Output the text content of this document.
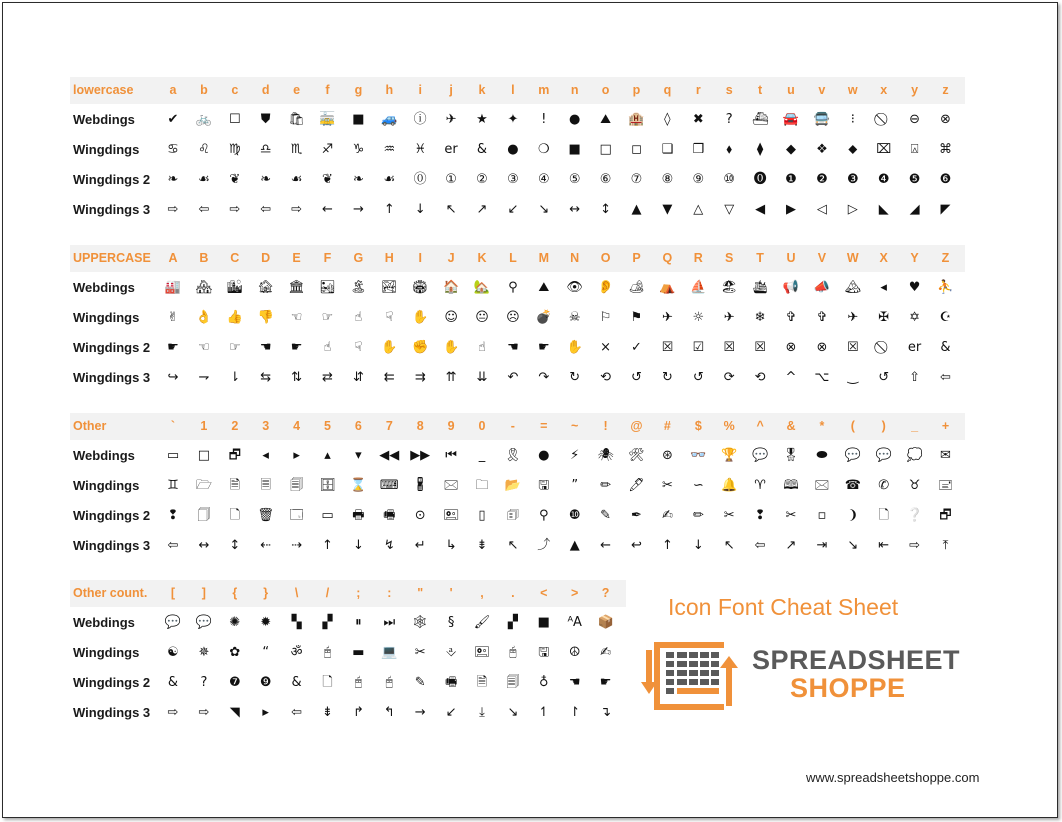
lowercase	a	b	c	d	e	f	g	h	i	j	k	l	m	n	o	p	q	r	s	t	u	v	w	x	y	z
Webdings	✔	🚲	☐	⛊	🛍	🚋	■	🚙	ⓘ	✈	★	✦	ǃ	●	⛰	🏨	◊	✖	?	⛴	🚘	🚍	⁝	⊖	⊗
Wingdings	♋	♌	♍	♎	♏	♐	♑	♒	♓	er	&	●	❍	■	□	◻	❑	❒	⬧	⧫	◆	❖	⬥	⌧	⍓	⌘
Wingdings 2	❧	☙	❦	❧	☙	❦	❧	☙	⓪	①	②	③	④	⑤	⑥	⑦	⑧	⑨	⑩	⓿	❶	❷	❸	❹	❺	❻
Wingdings 3	⇨	⇦	⇨	⇦	⇨	←	→	↑	↓	↖	↗	↙	↘	↔	↕	▲	▼	△	▽	◀	▶	◁	▷	◣	◢	◤
UPPERCASE	A	B	C	D	E	F	G	H	I	J	K	L	M	N	O	P	Q	R	S	T	U	V	W	X	Y	Z
Webdings	🏭	🏘	🏙	🏚	🏛	🏜	🏝	🏞	🏟	🏠	🏡	⚲	⛰	👁	👂	🏕	⛺	⛵	🏖	🛳	📢	📣	🏔	◂	♥	⛹
Wingdings	✌	👌	👍	👎	☜	☞	☝	☟	✋	☺	😐	☹	💣	☠	⚐	⚑	✈	☼	✈	❄	✞	✞	✈	✠	✡	☪
Wingdings 2	☛	☜	☞	☚	☛	☝	☟	✋	✊	✋	☝	☚	☛	✋	×	✓	☒	☑	☒	☒	⊗	⊗	☒	er	&
Wingdings 3	↪	⇁	⇂	⇆	⇅	⇄	⇵	⇇	⇉	⇈	⇊	↶	↷	↻	⟲	↺	↻	↺	⟳	⟲	^	⌥	‿	↺	⇧	⇦
Other	`	1	2	3	4	5	6	7	8	9	0	-	=	~	!	@	#	$	%	^	&	*	(	)	_	+
Webdings	▭	□	🗗	◂	▸	▴	▾	◀◀ ▶▶	⏮	_	🎗	●	⚡	🕷	🛠	⊛	👓	🏆	💬	🎖	⬬	💬	💬	💭	✉
Wingdings	♊	🗁	🗎	🗏	🗐	🗄	⌛	⌨	🖁	🖂	🗀	📂	🖫	”	✏	🖊	✂	∽	🔔	♈	🕮	🖂	☎	✆	♉	🖃
Wingdings 2	❢	🗍	🗋	🗑	🗔	▭	🖶	🖷	⊙	🖭	▯	🗊	⚲	❿	✎	✒	✍	✏	✂	❢	✂	▫	❩	🗋	❔	🗗
Wingdings 3	⇦	↔	↕	⇠	⇢	↑	↓	↯	↵	↳	⇟	↖	⤴	▲	←	↩	↑	↓	↖	⇦	↗	⇥	↘	⇤	⇨	⤒
Other count.	[	]	{	}	\	/	;	:	"	'	,	.	<	>	?
Webdings	💬	💬	✺	✹	▚	▞	⏸	⏭	🕸	§	🖌	▞	■	ᴬA	📦
Wingdings	☯	✵	✿	“	ॐ	🖰	▬	💻	✂	⎀	🖭	🖰	🖫	☮	✍
Wingdings 2	&	?	❼	❾	&	🗋	🖰	🖰	✎	🖷	🗎	🗐	♁	☚	☛
Wingdings 3	⇨	⇨	◥	▸	⇦	⇟	↱	↰	→	↙	⤓	↘	↿	↾	↴
Icon Font Cheat Sheet
SPREADSHEET
SHOPPE
www.spreadsheetshoppe.com
